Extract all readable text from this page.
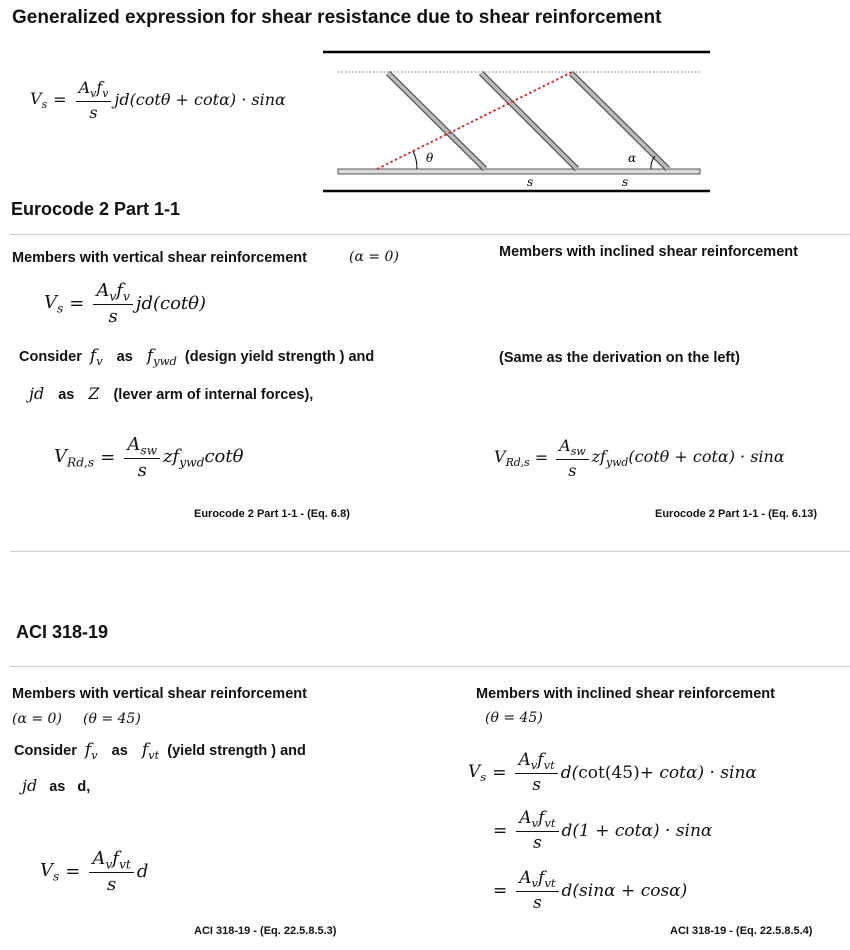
Generalized expression for shear resistance due to shear reinforcement
$V_s = \frac{A_vf_v}{s} jd(\cot\theta + \cot\alpha) \cdot \sin\alpha$
θ	α
s	s
Eurocode 2 Part 1-1
Members with vertical shear reinforcement	(α = 0)	Members with inclined shear reinforcement
$V_s = \frac{A_vf_v}{s} jd(\cot\theta)$
Consider $f_v$ as $f_{ywd}$ (design yield strength ) and
jd as Z (lever arm of internal forces),
(Same as the derivation on the left)
$V_{Rd,s} = \frac{A_{sw}}{s} zf_{ywd}\cot\theta$	$V_{Rd,s} = \frac{A_{sw}}{s} zf_{ywd}(\cot\theta + \cot\alpha) \cdot \sin\alpha$
Eurocode 2 Part 1-1 - (Eq. 6.8)	Eurocode 2 Part 1-1 - (Eq. 6.13)
ACI 318-19
Members with vertical shear reinforcement
(α = 0) (θ = 45)
Consider $f_v$ as $f_{vt}$ (yield strength ) and
jd as d,
Members with inclined shear reinforcement
(θ = 45)
$V_s = \frac{A_vf_{vt}}{s}$ d
$V_s = \frac{A_vf_{vt}}{s} d$( cot(45) + cotα) · sinα
= $\frac{A_vf_{vt}}{s} d(1 + \cot\alpha) \cdot \sin\alpha$
= $\frac{A_vf_{vt}}{s} d(\sin\alpha + \cos\alpha)$
ACI 318-19 - (Eq. 22.5.8.5.3)	ACI 318-19 - (Eq. 22.5.8.5.4)
